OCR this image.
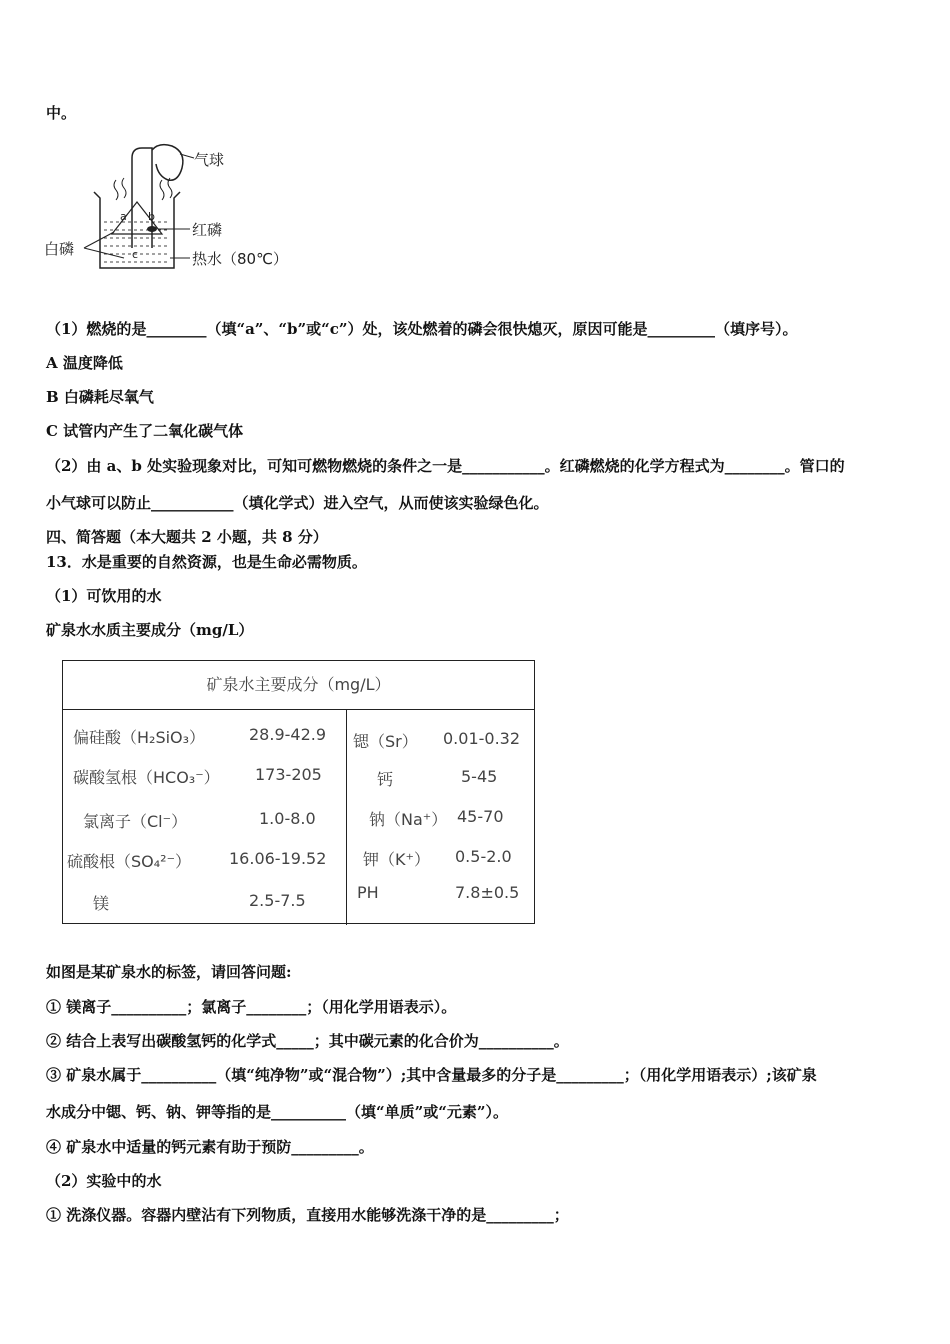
中。
气球
a b
c
红磷
白磷
热水（80℃）
（1）燃烧的是________（填“a”、“b”或“c”）处，该处燃着的磷会很快熄灭，原因可能是_________（填序号）。
A 温度降低
B 白磷耗尽氧气
C 试管内产生了二氧化碳气体
（2）由 a、b 处实验现象对比，可知可燃物燃烧的条件之一是___________。红磷燃烧的化学方程式为________。管口的
小气球可以防止___________（填化学式）进入空气，从而使该实验绿色化。
四、简答题（本大题共 2 小题，共 8 分）
13．水是重要的自然资源，也是生命必需物质。
（1）可饮用的水
矿泉水水质主要成分（mg/L）
矿泉水主要成分（mg/L）
偏硅酸（H₂SiO₃）	28.9-42.9
碳酸氢根（HCO₃⁻） 173-205
氯离子（Cl⁻）	1.0-8.0
硫酸根（SO₄²⁻） 16.06-19.52
镁	2.5-7.5
锶（Sr） 0.01-0.32
钙	5-45
钠（Na⁺） 45-70
钾（K⁺） 0.5-2.0
PH	7.8±0.5
如图是某矿泉水的标签，请回答问题:
① 镁离子__________；氯离子________；（用化学用语表示）。
② 结合上表写出碳酸氢钙的化学式_____；其中碳元素的化合价为__________。
③ 矿泉水属于__________（填“纯净物”或“混合物”）;其中含量最多的分子是_________；（用化学用语表示）;该矿泉
水成分中锶、钙、钠、钾等指的是__________（填“单质”或“元素”）。
④ 矿泉水中适量的钙元素有助于预防_________。
（2）实验中的水
① 洗涤仪器。容器内壁沾有下列物质，直接用水能够洗涤干净的是_________；
